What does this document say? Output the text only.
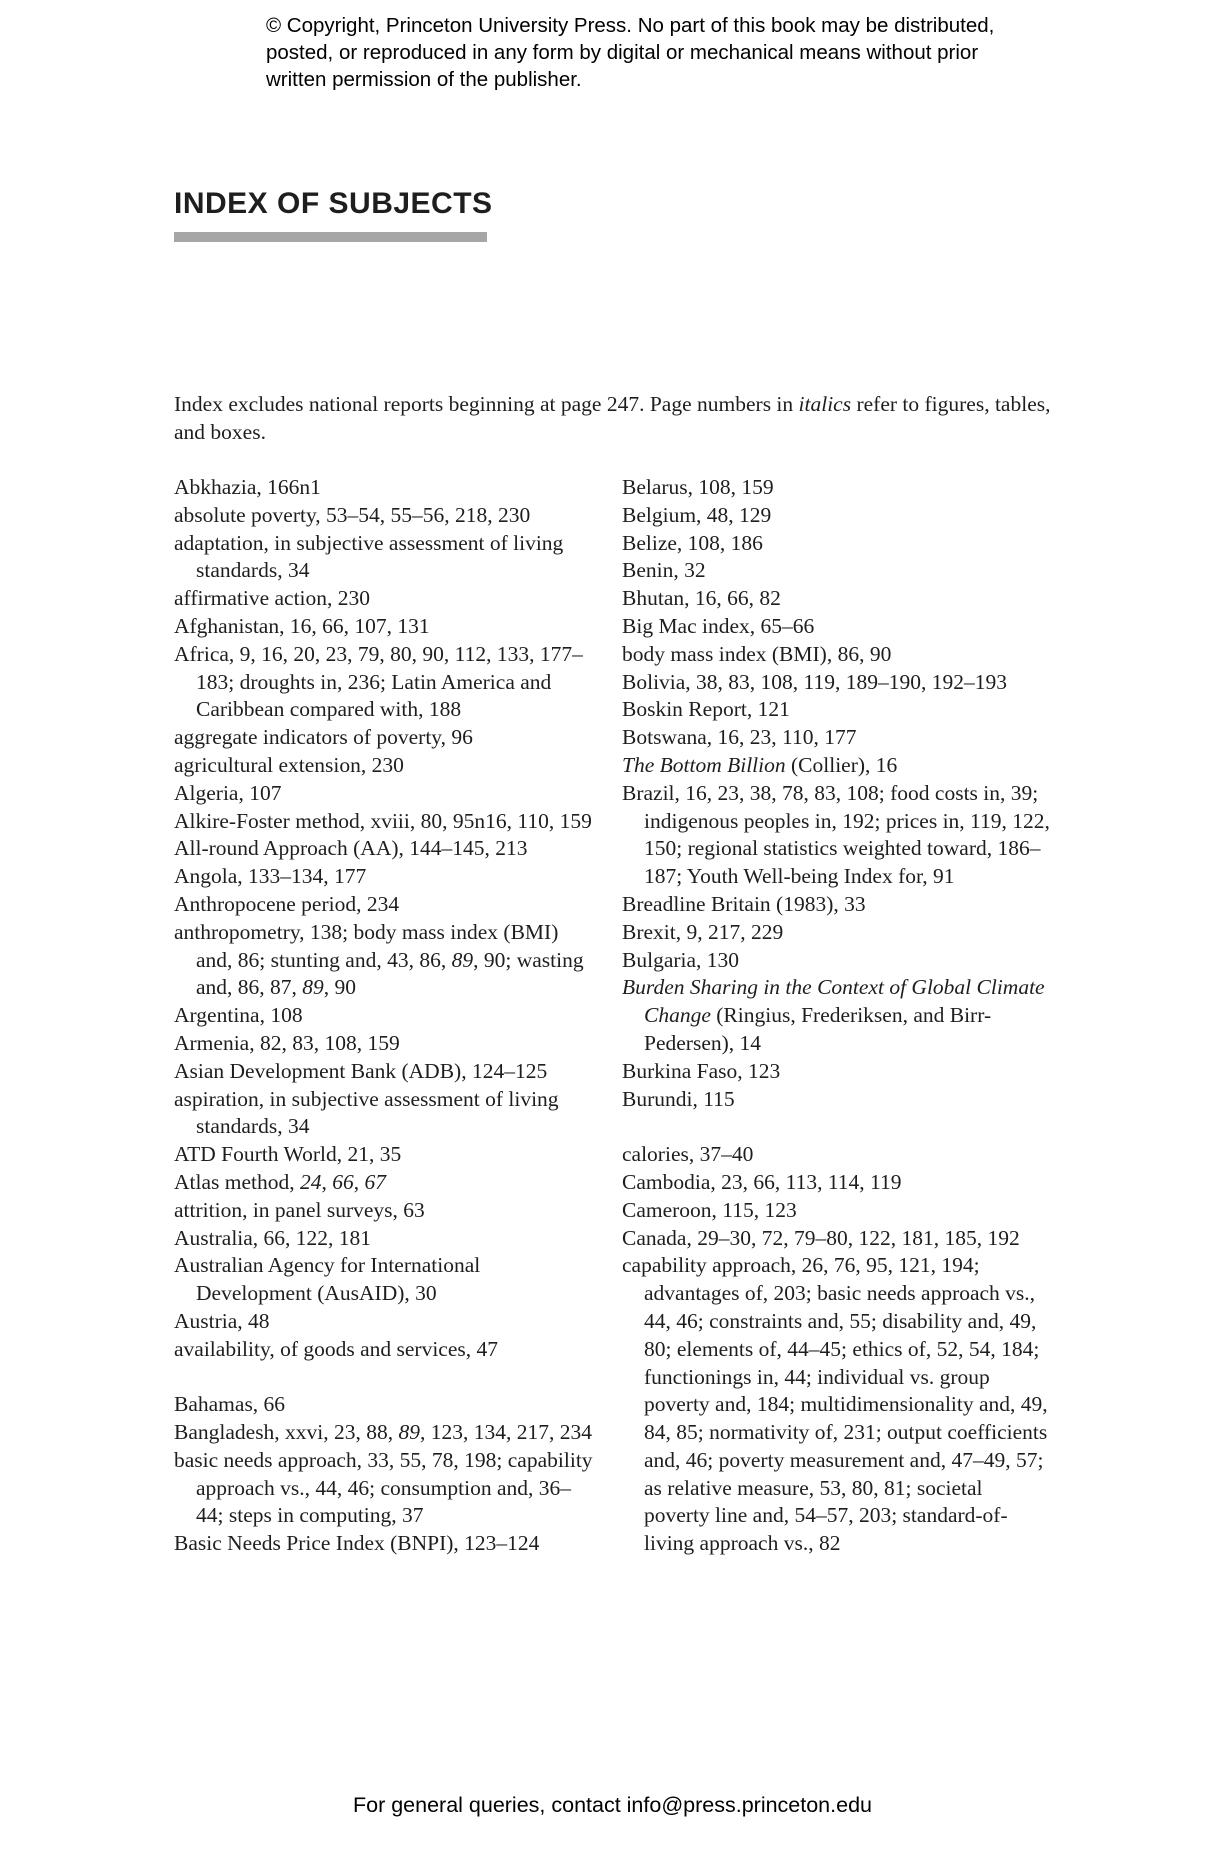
© Copyright, Princeton University Press. No part of this book may be distributed, posted, or reproduced in any form by digital or mechanical means without prior written permission of the publisher.

INDEX OF SUBJECTS

Index excludes national reports beginning at page 247. Page numbers in italics refer to figures, tables, and boxes.

Abkhazia, 166n1
absolute poverty, 53–54, 55–56, 218, 230
adaptation, in subjective assessment of living standards, 34
affirmative action, 230
Afghanistan, 16, 66, 107, 131
Africa, 9, 16, 20, 23, 79, 80, 90, 112, 133, 177–183; droughts in, 236; Latin America and Caribbean compared with, 188
aggregate indicators of poverty, 96
agricultural extension, 230
Algeria, 107
Alkire-Foster method, xviii, 80, 95n16, 110, 159
All-round Approach (AA), 144–145, 213
Angola, 133–134, 177
Anthropocene period, 234
anthropometry, 138; body mass index (BMI) and, 86; stunting and, 43, 86, 89, 90; wasting and, 86, 87, 89, 90
Argentina, 108
Armenia, 82, 83, 108, 159
Asian Development Bank (ADB), 124–125
aspiration, in subjective assessment of living standards, 34
ATD Fourth World, 21, 35
Atlas method, 24, 66, 67
attrition, in panel surveys, 63
Australia, 66, 122, 181
Australian Agency for International Development (AusAID), 30
Austria, 48
availability, of goods and services, 47
Bahamas, 66
Bangladesh, xxvi, 23, 88, 89, 123, 134, 217, 234
basic needs approach, 33, 55, 78, 198; capability approach vs., 44, 46; consumption and, 36–44; steps in computing, 37
Basic Needs Price Index (BNPI), 123–124
Belarus, 108, 159
Belgium, 48, 129
Belize, 108, 186
Benin, 32
Bhutan, 16, 66, 82
Big Mac index, 65–66
body mass index (BMI), 86, 90
Bolivia, 38, 83, 108, 119, 189–190, 192–193
Boskin Report, 121
Botswana, 16, 23, 110, 177
The Bottom Billion (Collier), 16
Brazil, 16, 23, 38, 78, 83, 108; food costs in, 39; indigenous peoples in, 192; prices in, 119, 122, 150; regional statistics weighted toward, 186–187; Youth Well-being Index for, 91
Breadline Britain (1983), 33
Brexit, 9, 217, 229
Bulgaria, 130
Burden Sharing in the Context of Global Climate Change (Ringius, Frederiksen, and Birr-Pedersen), 14
Burkina Faso, 123
Burundi, 115
calories, 37–40
Cambodia, 23, 66, 113, 114, 119
Cameroon, 115, 123
Canada, 29–30, 72, 79–80, 122, 181, 185, 192
capability approach, 26, 76, 95, 121, 194; advantages of, 203; basic needs approach vs., 44, 46; constraints and, 55; disability and, 49, 80; elements of, 44–45; ethics of, 52, 54, 184; functionings in, 44; individual vs. group poverty and, 184; multidimensionality and, 49, 84, 85; normativity of, 231; output coefficients and, 46; poverty measurement and, 47–49, 57; as relative measure, 53, 80, 81; societal poverty line and, 54–57, 203; standard-of-living approach vs., 82

For general queries, contact info@press.princeton.edu
